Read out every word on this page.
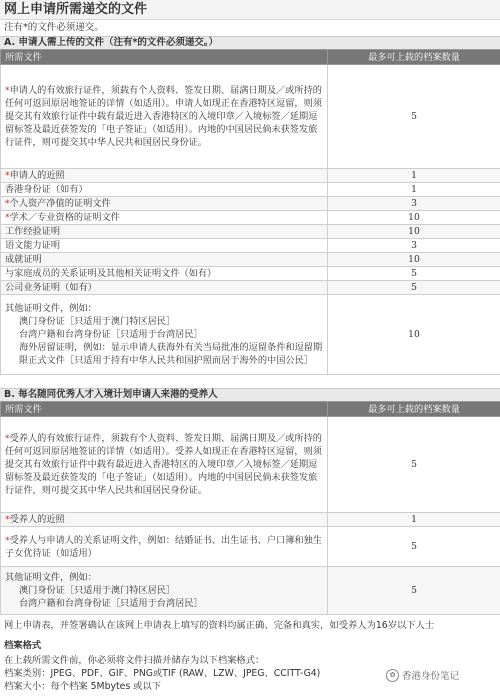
网上申请所需递交的文件
注有*的文件必须递交。
A. 申请人需上传的文件（注有*的文件必须递交。）
所需文件	最多可上载的档案数量
*申请人的有效旅行证件，须载有个人资料、签发日期、届满日期及／或所持的任何可返回原居地签证的详情（如适用）。申请人如现正在香港特区逗留，则须提交其有效旅行证件中载有最近进入香港特区的入境印章／入境标签／延期逗留标签及最近获签发的「电子签证」（如适用）。内地的中国居民倘未获签发旅行证件，则可提交其中华人民共和国居民身份证。	5
*申请人的近照	1
香港身份证（如有）	1
*个人资产净值的证明文件	3
*学术／专业资格的证明文件	10
工作经验证明	10
语文能力证明	3
成就证明	10
与家庭成员的关系证明及其他相关证明文件（如有）	5
公司业务证明（如有）	5
其他证明文件，例如：
澳门身份证［只适用于澳门特区居民］
台湾户籍和台湾身份证［只适用于台湾居民］
海外居留证明，例如：显示申请人获海外有关当局批准的逗留条件和逗留期限正式文件［只适用于持有中华人民共和国护照而居于海外的中国公民］	10
B. 每名随同优秀人才入境计划申请人来港的受养人
所需文件	最多可上载的档案数量
*受养人的有效旅行证件，须载有个人资料、签发日期、届满日期及／或所持的任何可返回原居地签证的详情（如适用）。受养人如现正在香港特区逗留，则须提交其有效旅行证件中载有最近进入香港特区的入境印章／入境标签／延期逗留标签及最近获签发的「电子签证」（如适用）。内地的中国居民倘未获签发旅行证件，则可提交其中华人民共和国居民身份证。	5
*受养人的近照	1
*受养人与申请人的关系证明文件，例如：结婚证书、出生证书、户口簿和独生子女优待证（如适用）	5
其他证明文件，例如：
澳门身份证［只适用于澳门特区居民］
台湾户籍和台湾身份证［只适用于台湾居民］	5
网上申请表，并签署确认在该网上申请表上填写的资料均属正确、完备和真实，如受养人为16岁以下人士
档案格式
在上载所需文件前，你必须将文件扫描并储存为以下档案格式：
档案类别：JPEG、PDF、GIF、PNG或TIF (RAW、LZW、JPEG、CCITT-G4)
档案大小：每个档案 5Mbytes 或以下
✿ 香港身份笔记
